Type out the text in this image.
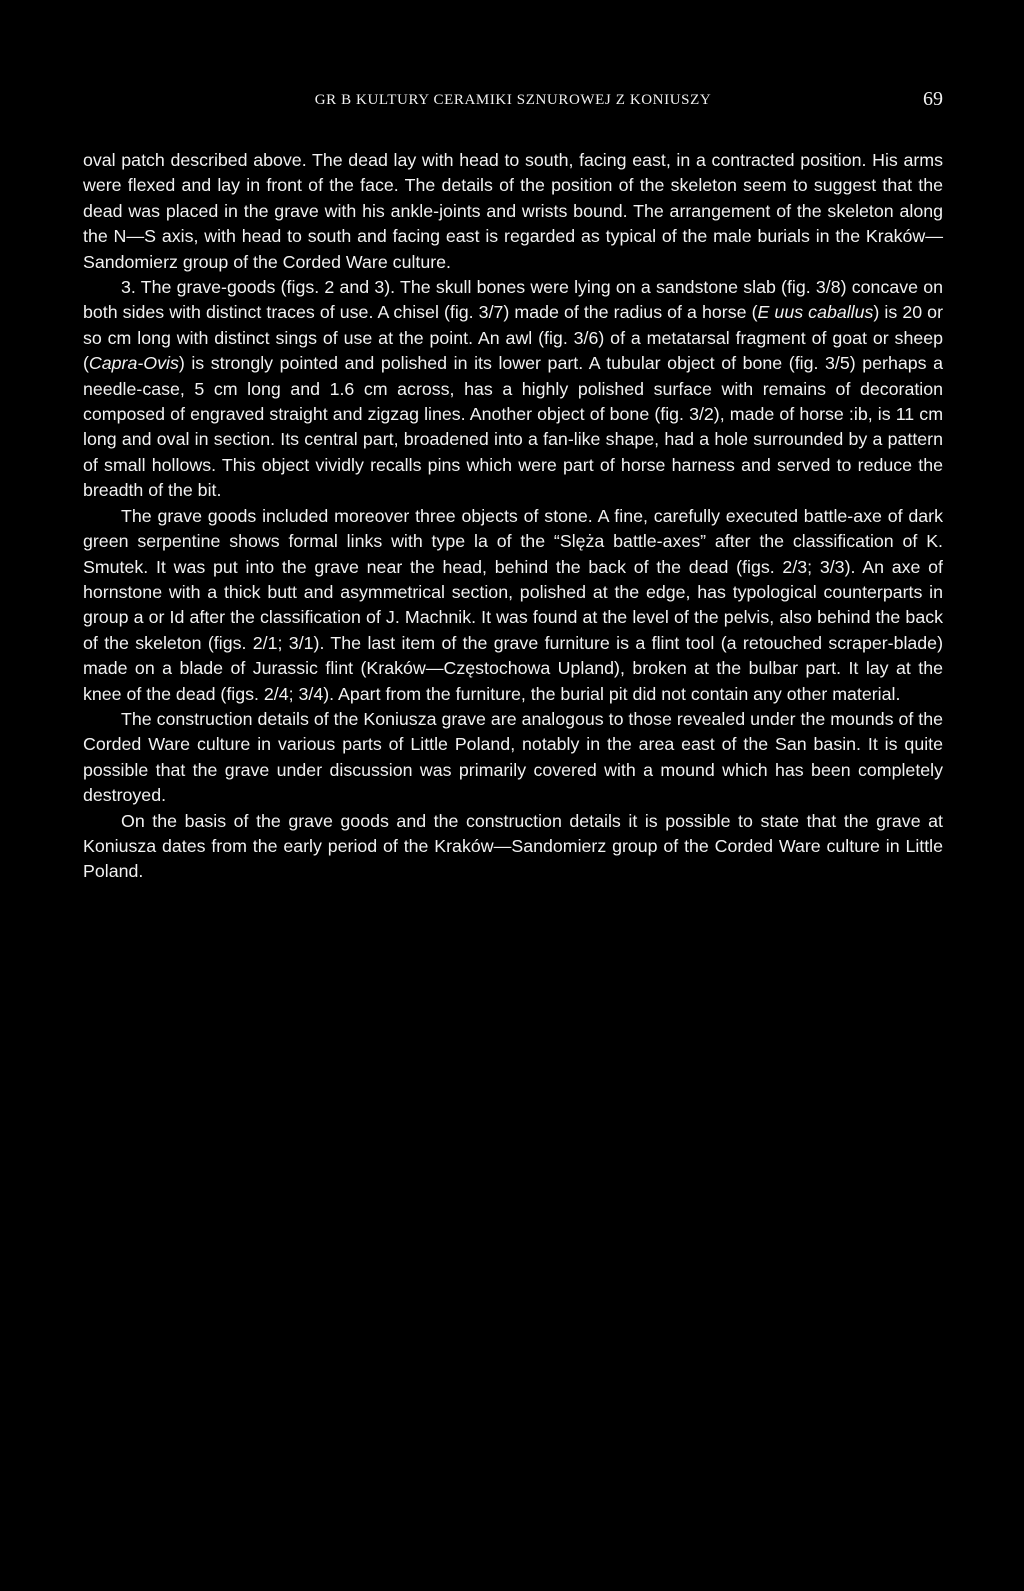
GR B KULTURY CERAMIKI SZNUROWEJ Z KONIUSZY	69

oval patch described above. The dead lay with head to south, facing east, in a contracted position. His arms were flexed and lay in front of the face. The details of the position of the skeleton seem to suggest that the dead was placed in the grave with his ankle-joints and wrists bound. The arrangement of the skeleton along the N—S axis, with head to south and facing east is regarded as typical of the male burials in the Kraków—Sandomierz group of the Corded Ware culture.

3. The grave-goods (figs. 2 and 3). The skull bones were lying on a sandstone slab (fig. 3/8) concave on both sides with distinct traces of use. A chisel (fig. 3/7) made of the radius of a horse (E uus caballus) is 20 or so cm long with distinct sings of use at the point. An awl (fig. 3/6) of a metatarsal fragment of goat or sheep (Capra-Ovis) is strongly pointed and polished in its lower part. A tubular object of bone (fig. 3/5) perhaps a needle-case, 5 cm long and 1.6 cm across, has a highly polished surface with remains of decoration composed of engraved straight and zigzag lines. Another object of bone (fig. 3/2), made of horse :ib, is 11 cm long and oval in section. Its central part, broadened into a fan-like shape, had a hole surrounded by a pattern of small hollows. This object vividly recalls pins which were part of horse harness and served to reduce the breadth of the bit.

The grave goods included moreover three objects of stone. A fine, carefully executed battle-axe of dark green serpentine shows formal links with type la of the “Slęża battle-axes” after the classification of K. Smutek. It was put into the grave near the head, behind the back of the dead (figs. 2/3; 3/3). An axe of hornstone with a thick butt and asymmetrical section, polished at the edge, has typological counterparts in group a or Id after the classification of J. Machnik. It was found at the level of the pelvis, also behind the back of the skeleton (figs. 2/1; 3/1). The last item of the grave furniture is a flint tool (a retouched scraper-blade) made on a blade of Jurassic flint (Kraków—Częstochowa Upland), broken at the bulbar part. It lay at the knee of the dead (figs. 2/4; 3/4). Apart from the furniture, the burial pit did not contain any other material.

The construction details of the Koniusza grave are analogous to those revealed under the mounds of the Corded Ware culture in various parts of Little Poland, notably in the area east of the San basin. It is quite possible that the grave under discussion was primarily covered with a mound which has been completely destroyed.

On the basis of the grave goods and the construction details it is possible to state that the grave at Koniusza dates from the early period of the Kraków—Sandomierz group of the Corded Ware culture in Little Poland.
